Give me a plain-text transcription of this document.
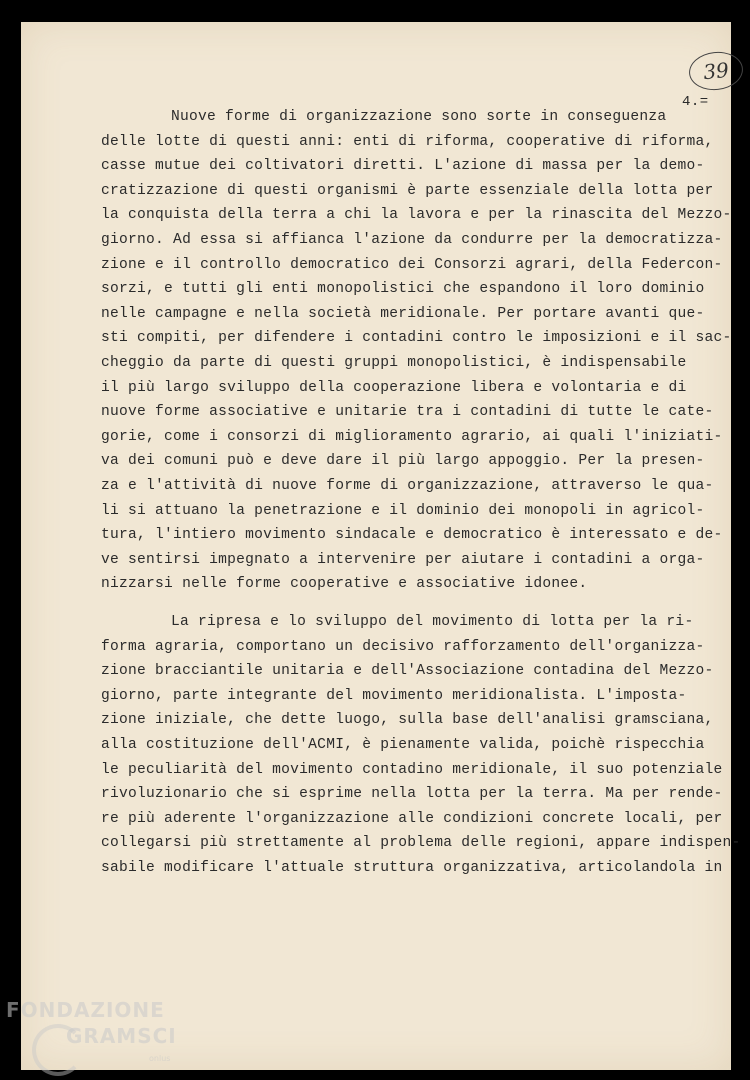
39
4.=
Nuove forme di organizzazione sono sorte in conseguenza
delle lotte di questi anni: enti di riforma, cooperative di riforma,
casse mutue dei coltivatori diretti. L'azione di massa per la demo-
cratizzazione di questi organismi è parte essenziale della lotta per
la conquista della terra a chi la lavora e per la rinascita del Mezzo-
giorno. Ad essa si affianca l'azione da condurre per la democratizza-
zione e il controllo democratico dei Consorzi agrari, della Federcon-
sorzi, e tutti gli enti monopolistici che espandono il loro dominio
nelle campagne e nella società meridionale. Per portare avanti que-
sti compiti, per difendere i contadini contro le imposizioni e il sac-
cheggio da parte di questi gruppi monopolistici, è indispensabile
il più largo sviluppo della cooperazione libera e volontaria e di
nuove forme associative e unitarie tra i contadini di tutte le cate-
gorie, come i consorzi di miglioramento agrario, ai quali l'iniziati-
va dei comuni può e deve dare il più largo appoggio. Per la presen-
za e l'attività di nuove forme di organizzazione, attraverso le qua-
li si attuano la penetrazione e il dominio dei monopoli in agricol-
tura, l'intiero movimento sindacale e democratico è interessato e de-
ve sentirsi impegnato a intervenire per aiutare i contadini a orga-
nizzarsi nelle forme cooperative e associative idonee.
La ripresa e lo sviluppo del movimento di lotta per la ri-
forma agraria, comportano un decisivo rafforzamento dell'organizza-
zione bracciantile unitaria e dell'Associazione contadina del Mezzo-
giorno, parte integrante del movimento meridionalista. L'imposta-
zione iniziale, che dette luogo, sulla base dell'analisi gramsciana,
alla costituzione dell'ACMI, è pienamente valida, poichè rispecchia
le peculiarità del movimento contadino meridionale, il suo potenziale
rivoluzionario che si esprime nella lotta per la terra. Ma per rende-
re più aderente l'organizzazione alle condizioni concrete locali, per
collegarsi più strettamente al problema delle regioni, appare indispen-
sabile modificare l'attuale struttura organizzativa, articolandola in
FONDAZIONE
GRAMSCI
onlus
